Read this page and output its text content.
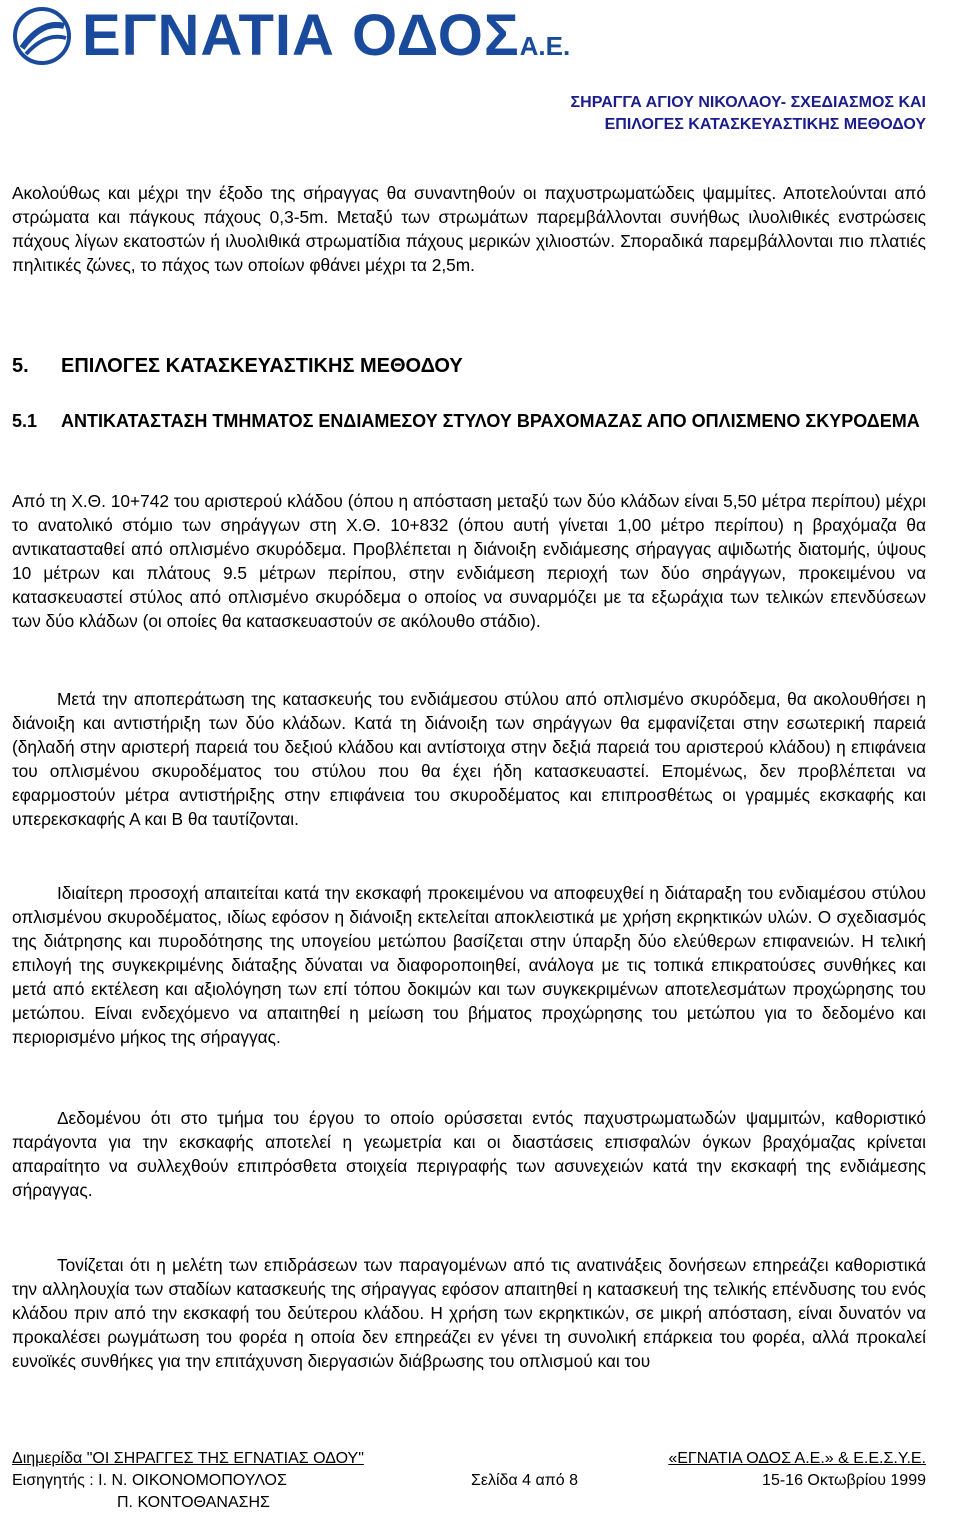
ΕΓΝΑΤΙΑ ΟΔΟΣΑ.Ε.
ΣΗΡΑΓΓΑ ΑΓΙΟΥ ΝΙΚΟΛΑΟΥ- ΣΧΕΔΙΑΣΜΟΣ ΚΑΙ
ΕΠΙΛΟΓΕΣ ΚΑΤΑΣΚΕΥΑΣΤΙΚΗΣ ΜΕΘΟΔΟΥ
Ακολούθως και μέχρι την έξοδο της σήραγγας θα συναντηθούν οι παχυστρωματώδεις ψαμμίτες. Αποτελούνται από στρώματα και πάγκους πάχους 0,3-5m. Μεταξύ των στρωμάτων παρεμβάλλονται συνήθως ιλυολιθικές ενστρώσεις πάχους λίγων εκατοστών ή ιλυολιθικά στρωματίδια πάχους μερικών χιλιοστών. Σποραδικά παρεμβάλλονται πιο πλατιές πηλιτικές ζώνες, το πάχος των οποίων φθάνει μέχρι τα 2,5m.
5. ΕΠΙΛΟΓΕΣ ΚΑΤΑΣΚΕΥΑΣΤΙΚΗΣ ΜΕΘΟΔΟΥ
5.1	ΑΝΤΙΚΑΤΑΣΤΑΣΗ ΤΜΗΜΑΤΟΣ ΕΝΔΙΑΜΕΣΟΥ ΣΤΥΛΟΥ ΒΡΑΧΟΜΑΖΑΣ ΑΠΟ ΟΠΛΙΣΜΕΝΟ ΣΚΥΡΟΔΕΜΑ
Από τη Χ.Θ. 10+742 του αριστερού κλάδου (όπου η απόσταση μεταξύ των δύο κλάδων είναι 5,50 μέτρα περίπου) μέχρι το ανατολικό στόμιο των σηράγγων στη Χ.Θ. 10+832 (όπου αυτή γίνεται 1,00 μέτρο περίπου) η βραχόμαζα θα αντικατασταθεί από οπλισμένο σκυρόδεμα. Προβλέπεται η διάνοιξη ενδιάμεσης σήραγγας αψιδωτής διατομής, ύψους 10 μέτρων και πλάτους 9.5 μέτρων περίπου, στην ενδιάμεση περιοχή των δύο σηράγγων, προκειμένου να κατασκευαστεί στύλος από οπλισμένο σκυρόδεμα ο οποίος να συναρμόζει με τα εξωράχια των τελικών επενδύσεων των δύο κλάδων (οι οποίες θα κατασκευαστούν σε ακόλουθο στάδιο).
Μετά την αποπεράτωση της κατασκευής του ενδιάμεσου στύλου από οπλισμένο σκυρόδεμα, θα ακολουθήσει η διάνοιξη και αντιστήριξη των δύο κλάδων. Κατά τη διάνοιξη των σηράγγων θα εμφανίζεται στην εσωτερική παρειά (δηλαδή στην αριστερή παρειά του δεξιού κλάδου και αντίστοιχα στην δεξιά παρειά του αριστερού κλάδου) η επιφάνεια του οπλισμένου σκυροδέματος του στύλου που θα έχει ήδη κατασκευαστεί. Επομένως, δεν προβλέπεται να εφαρμοστούν μέτρα αντιστήριξης στην επιφάνεια του σκυροδέματος και επιπροσθέτως οι γραμμές εκσκαφής και υπερεκσκαφής Α και Β θα ταυτίζονται.
Ιδιαίτερη προσοχή απαιτείται κατά την εκσκαφή προκειμένου να αποφευχθεί η διάταραξη του ενδιαμέσου στύλου οπλισμένου σκυροδέματος, ιδίως εφόσον η διάνοιξη εκτελείται αποκλειστικά με χρήση εκρηκτικών υλών. Ο σχεδιασμός της διάτρησης και πυροδότησης της υπογείου μετώπου βασίζεται στην ύπαρξη δύο ελεύθερων επιφανειών. Η τελική επιλογή της συγκεκριμένης διάταξης δύναται να διαφοροποιηθεί, ανάλογα με τις τοπικά επικρατούσες συνθήκες και μετά από εκτέλεση και αξιολόγηση των επί τόπου δοκιμών και των συγκεκριμένων αποτελεσμάτων προχώρησης του μετώπου. Είναι ενδεχόμενο να απαιτηθεί η μείωση του βήματος προχώρησης του μετώπου για το δεδομένο και περιορισμένο μήκος της σήραγγας.
Δεδομένου ότι στο τμήμα του έργου το οποίο ορύσσεται εντός παχυστρωματωδών ψαμμιτών, καθοριστικό παράγοντα για την εκσκαφής αποτελεί η γεωμετρία και οι διαστάσεις επισφαλών όγκων βραχόμαζας κρίνεται απαραίτητο να συλλεχθούν επιπρόσθετα στοιχεία περιγραφής των ασυνεχειών κατά την εκσκαφή της ενδιάμεσης σήραγγας.
Τονίζεται ότι η μελέτη των επιδράσεων των παραγομένων από τις ανατινάξεις δονήσεων επηρεάζει καθοριστικά την αλληλουχία των σταδίων κατασκευής της σήραγγας εφόσον απαιτηθεί η κατασκευή της τελικής επένδυσης του ενός κλάδου πριν από την εκσκαφή του δεύτερου κλάδου. Η χρήση των εκρηκτικών, σε μικρή απόσταση, είναι δυνατόν να προκαλέσει ρωγμάτωση του φορέα η οποία δεν επηρεάζει εν γένει τη συνολική επάρκεια του φορέα, αλλά προκαλεί ευνοϊκές συνθήκες για την επιτάχυνση διεργασιών διάβρωσης του οπλισμού και του
Διημερίδα "ΟΙ ΣΗΡΑΓΓΕΣ ΤΗΣ ΕΓΝΑΤΙΑΣ ΟΔΟΥ"	«ΕΓΝΑΤΙΑ ΟΔΟΣ Α.Ε.» & Ε.Ε.Σ.Υ.Ε.
Εισηγητής : Ι. Ν. ΟΙΚΟΝΟΜΟΠΟΥΛΟΣ	Σελίδα 4 από 8	15-16 Οκτωβρίου 1999
Π. ΚΟΝΤΟΘΑΝΑΣΗΣ
